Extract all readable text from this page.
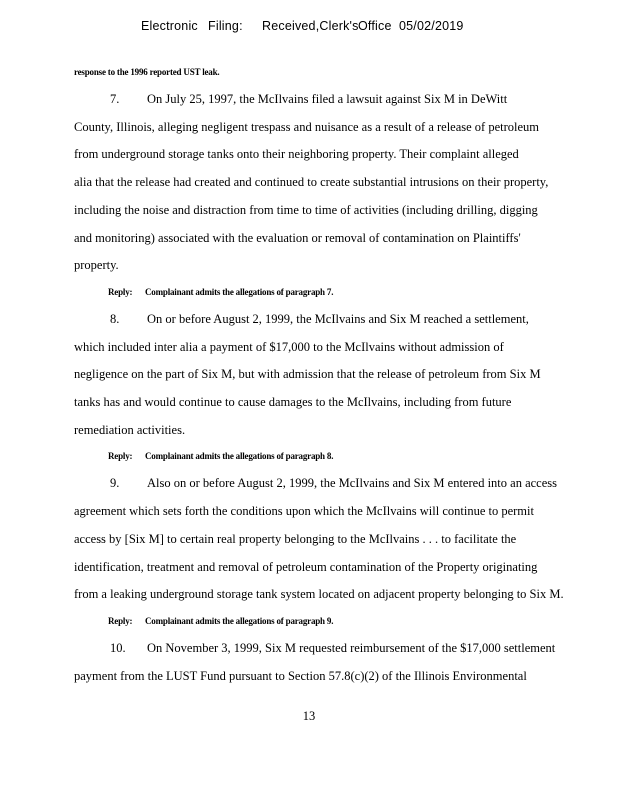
Electronic Filing: Received,Clerk's Office 05/02/2019

response to the 1996 reported UST leak.

7. On July 25, 1997, the McIlvains filed a lawsuit against Six M in DeWitt

County, Illinois, alleging negligent trespass and nuisance as a result of a release of petroleum

from underground storage tanks onto their neighboring property. Their complaint alleged

alia that the release had created and continued to create substantial intrusions on their property,

including the noise and distraction from time to time of activities (including drilling, digging

and monitoring) associated with the evaluation or removal of contamination on Plaintiffs'

property.

Reply: Complainant admits the allegations of paragraph 7.

8. On or before August 2, 1999, the McIlvains and Six M reached a settlement,

which included inter alia a payment of $17,000 to the McIlvains without admission of

negligence on the part of Six M, but with admission that the release of petroleum from Six M

tanks has and would continue to cause damages to the McIlvains, including from future

remediation activities.

Reply: Complainant admits the allegations of paragraph 8.

9. Also on or before August 2, 1999, the McIlvains and Six M entered into an access

agreement which sets forth the conditions upon which the McIlvains will continue to permit

access by [Six M] to certain real property belonging to the McIlvains . . . to facilitate the

identification, treatment and removal of petroleum contamination of the Property originating

from a leaking underground storage tank system located on adjacent property belonging to Six M.

Reply: Complainant admits the allegations of paragraph 9.

10. On November 3, 1999, Six M requested reimbursement of the $17,000 settlement

payment from the LUST Fund pursuant to Section 57.8(c)(2) of the Illinois Environmental

13
